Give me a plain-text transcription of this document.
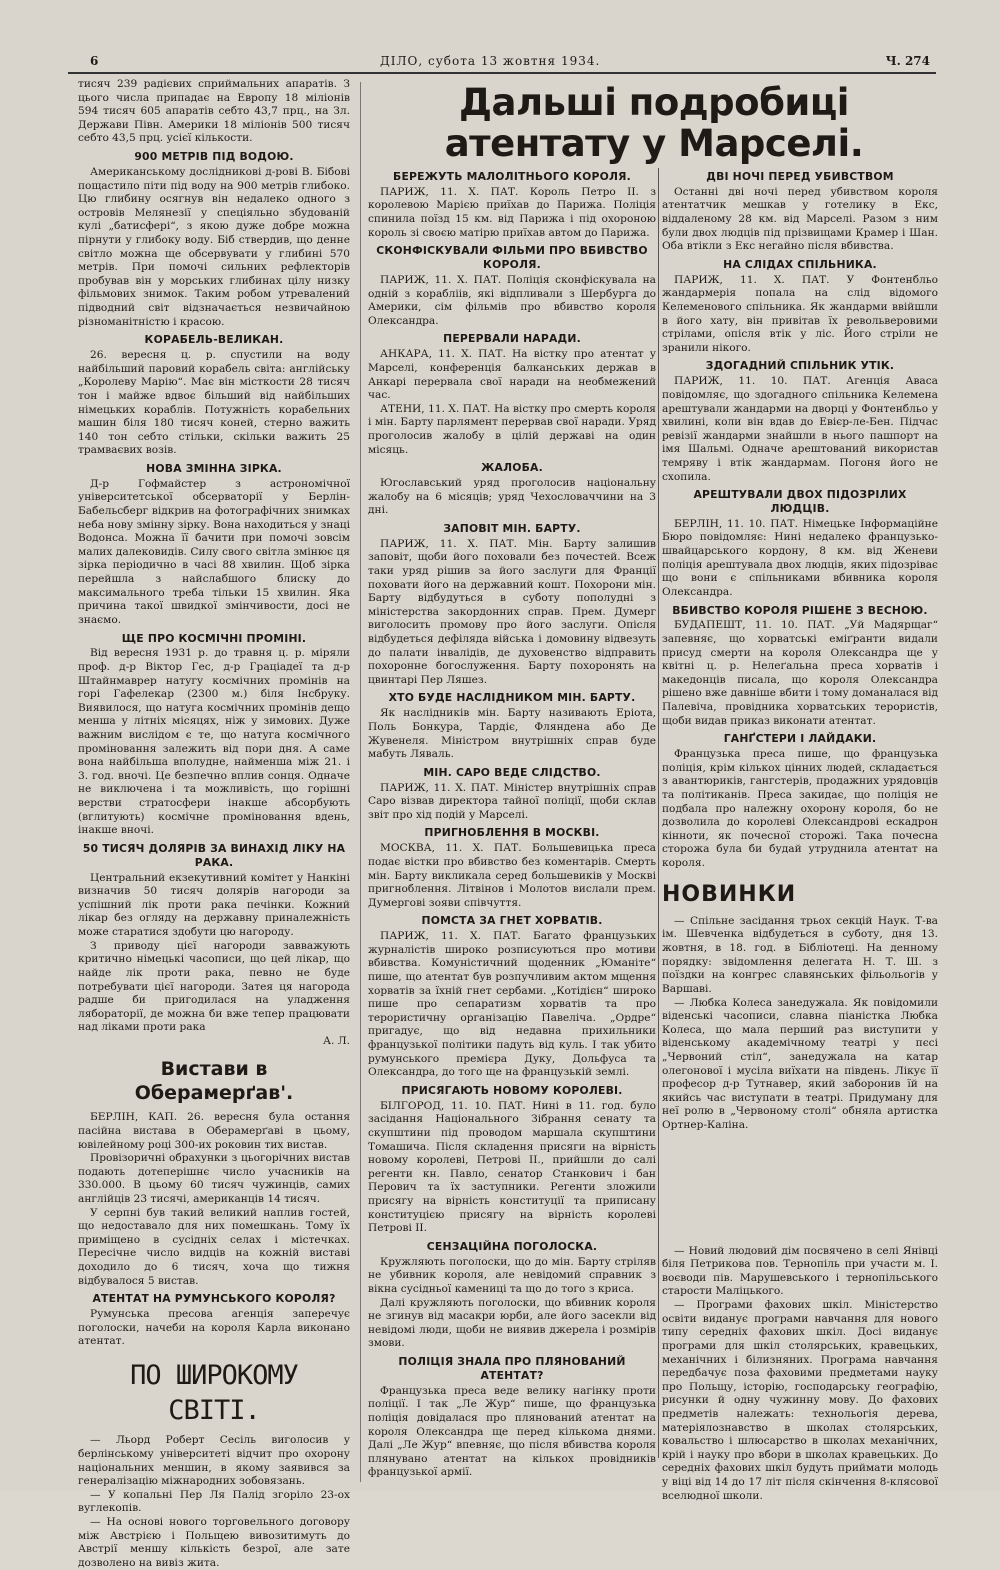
6	ДІЛО, субота 13 жовтня 1934.	Ч. 274

тисяч 239 радієвих сприймальних апаратів. З цього числа припадає на Европу 18 міліонів 594 тисяч 605 апаратів себто 43,7 прц., на Зл. Держави Півн. Америки 18 міліонів 500 тисяч себто 43,5 прц. усієї кількости.

900 МЕТРІВ ПІД ВОДОЮ.

Американському дослідникові д-рові В. Бібові пощастило піти під воду на 900 метрів глибоко. Цю глибину осягнув він недалеко одного з островів Мелянезії у спеціяльно збудованій кулі „батисфері“, з якою дуже добре можна пірнути у глибоку воду. Біб ствердив, що денне світло можна ще обсервувати у глибині 570 метрів. При помочі сильних рефлекторів пробував він у морських глибинах цілу низку фільмових знимок. Таким робом утревалений підводний світ відзначається незвичайною різноманітністю і красою.

КОРАБЕЛЬ-ВЕЛИКАН.

26. вересня ц. р. спустили на воду найбільший паровий корабель світа: англійську „Королеву Марію“. Має він місткости 28 тисяч тон і майже вдвоє більший від найбільших німецьких кораблів. Потужність корабельних машин біля 180 тисяч коней, стерно важить 140 тон себто стільки, скільки важить 25 трамваєвих возів.

НОВА ЗМІННА ЗІРКА.

Д-р Гофмайстер з астрономічної університетської обсерваторії у Берлін-Бабельсберг відкрив на фотографічних знимках неба нову змінну зірку. Вона находиться у знаці Водонса. Можна її бачити при помочі зовсім малих далековидів. Силу свого світла змінює ця зірка періодично в часі 88 хвилин. Щоб зірка перейшла з найслабшого блиску до максимального треба тільки 15 хвилин. Яка причина такої швидкої змінчивости, досі не знаємо.

ЩЕ ПРО КОСМІЧНІ ПРОМІНІ.

Від вересня 1931 р. до травня ц. р. міряли проф. д-р Віктор Гес, д-р Граціадеї та д-р Штайнмаврер натугу космічних промінів на горі Гафелекар (2300 м.) біля Інсбруку. Виявилося, що натуга космічних промінів дещо менша у літніх місяцях, ніж у зимових. Дуже важним вислідом є те, що натуга космічного проміновання залежить від пори дня. А саме вона найбільша вполудне, найменша між 21. і 3. год. вночі. Це безпечно вплив сонця. Одначе не виключена і та можливість, що горішні верстви стратосфери інакше абсорбують (вглитують) космічне проміновання вдень, інакше вночі.

50 ТИСЯЧ ДОЛЯРІВ ЗА ВИНАХІД ЛІКУ НА РАКА.

Центральний екзекутивний комітет у Нанкіні визначив 50 тисяч долярів нагороди за успішний лік проти рака печінки. Кожний лікар без огляду на державну приналежність може старатися здобути цю нагороду.

З приводу цієї нагороди завважують критично німецькі часописи, що цей лікар, що найде лік проти рака, певно не буде потребувати цієї нагороди. Затея ця нагорода радше би пригодилася на уладження лябораторії, де можна би вже тепер працювати над ліками проти рака

А. Л.

Вистави в Оберамерґав'.

БЕРЛІН, КАП. 26. вересня була остання пасійна вистава в Оберамерґаві в цьому, ювілейному році 300-их роковин тих вистав.

Провізоричні обрахунки з цьогорічних вистав подають дотеперішнє число учасників на 330.000. В цьому 60 тисяч чужинців, самих англійців 23 тисячі, американців 14 тисяч.

У серпні був такий великий наплив гостей, що недоставало для них помешкань. Тому їх приміщено в сусідніх селах і містечках. Пересічне число видців на кожній виставі доходило до 6 тисяч, хоча що тижня відбувалося 5 вистав.

АТЕНТАТ НА РУМУНСЬКОГО КОРОЛЯ?

Румунська пресова агенція заперечує поголоски, начеби на короля Карла виконано атентат.

ПО ШИРОКОМУ СВІТІ.

— Льорд Роберт Сесіль виголосив у берлінському університеті відчит про охорону національних меншин, в якому заявився за генералізацію міжнародних зобовязань.

— У копальні Пер Ля Палід згоріло 23-ох вуглекопів.

— На основі нового торговельного договору між Австрією і Польщею вивозитимуть до Австрії меншу кількість безрої, але зате дозволено на вивіз жита.

Дальші подробиці атентату у Марселі.
БЕРЕЖУТЬ МАЛОЛІТНЬОГО КОРОЛЯ.

ПАРИЖ, 11. Х. ПАТ. Король Петро ІІ. з королевою Марією приїхав до Парижа. Поліція спинила поїзд 15 км. від Парижа і під охороною король зі своєю матірю приїхав автом до Парижа.

СКОНФІСКУВАЛИ ФІЛЬМИ ПРО ВБИВСТВО КОРОЛЯ.

ПАРИЖ, 11. Х. ПАТ. Поліція сконфіскувала на одній з корабліів, які відпливали з Шербурга до Америки, сім фільмів про вбивство короля Олександра.

ПЕРЕРВАЛИ НАРАДИ.

АНКАРА, 11. Х. ПАТ. На вістку про атентат у Марселі, конференція балканських держав в Анкарі перервала свої наради на необмежений час.

АТЕНИ, 11. Х. ПАТ. На вістку про смерть короля і мін. Барту парлямент перервав свої наради. Уряд проголосив жалобу в цілій державі на один місяць.

ЖАЛОБА.

Югославський уряд проголосив національну жалобу на 6 місяців; уряд Чехословаччини на 3 дні.

ЗАПОВІТ МІН. БАРТУ.

ПАРИЖ, 11. Х. ПАТ. Мін. Барту залишив заповіт, щоби його поховали без почестей. Всеж таки уряд рішив за його заслуги для Франції поховати його на державний кошт. Похорони мін. Барту відбудуться в суботу пополудні з міністерства закордонних справ. Прем. Думерг виголосить промову про його заслуги. Опісля відбудеться дефіляда війська і домовину відвезуть до палати інвалідів, де духовенство відправить похоронне богослуження. Барту похоронять на цвинтарі Пер Ляшез.

ХТО БУДЕ НАСЛІДНИКОМ МІН. БАРТУ.

Як наслідників мін. Барту називають Еріота, Поль Бонкура, Тардіє, Фляндена або Де Жувенеля. Міністром внутрішніх справ буде мабуть Ляваль.

МІН. САРО ВЕДЕ СЛІДСТВО.

ПАРИЖ, 11. Х. ПАТ. Міністер внутрішніх справ Саро візвав директора тайної поліції, щоби склав звіт про хід подій у Марселі.

ПРИГНОБЛЕННЯ В МОСКВІ.

МОСКВА, 11. Х. ПАТ. Большевицька преса подає вістки про вбивство без коментарів. Смерть мін. Барту викликала серед большевиків у Москві пригноблення. Літвінов і Молотов вислали прем. Думергові зояви співчуття.

ПОМСТА ЗА ГНЕТ ХОРВАТІВ.

ПАРИЖ, 11. Х. ПАТ. Багато французьких журналістів широко розписуються про мотиви вбивства. Комуністичний щоденник „Юманіте“ пише, що атентат був розпучливим актом мщення хорватів за їхній гнет сербами. „Котідієн“ широко пише про сепаратизм хорватів та про терористичну організацію Павеліча. „Ордре“ пригадує, що від недавна прихильники французької політики падуть від куль. І так убито румунського премієра Дуку, Дольфуса та Олександра, до того ще на французькій землі.

ПРИСЯГАЮТЬ НОВОМУ КОРОЛЕВІ.

БІЛГОРОД, 11. 10. ПАТ. Нині в 11. год. було засідання Національного Зібрання сенату та скупштини під проводом маршала скупштини Томашича. Після складення присяги на вірність новому королеві, Петрові ІІ., прийшли до салі регенти кн. Павло, сенатор Станкович і бан Перович та їх заступники. Регенти зложили присягу на вірність конституції та приписану конституцією присягу на вірність королеві Петрові ІІ.

СЕНЗАЦІЙНА ПОГОЛОСКА.

Кружляють поголоски, що до мін. Барту стріляв не убивник короля, але невідомий справник з вікна сусідньої камениці та що до того з криса.

Далі кружляють поголоски, що вбивник короля не згинув від масакри юрби, але його засекли від невідомі люди, щоби не виявив джерела і розмірів змови.

ПОЛІЦІЯ ЗНАЛА ПРО ПЛЯНОВАНИЙ АТЕНТАТ?

Французька преса веде велику нагінку проти поліції. І так „Ле Жур“ пише, що французька поліція довідалася про плянований атентат на короля Олександра ще перед кількома днями. Далі „Ле Жур“ впевняє, що після вбивства короля плянувано атентат на кількох провідників французької армії.

ДВІ НОЧІ ПЕРЕД УБИВСТВОМ

Останні дві ночі перед убивством короля атентатчик мешкав у готелику в Екс, віддаленому 28 км. від Марселі. Разом з ним були двох людців під прізвищами Крамер і Шан. Оба втікли з Екс негайно після вбивства.

НА СЛІДАХ СПІЛЬНИКА.

ПАРИЖ, 11. Х. ПАТ. У Фонтенбльо жандармерія попала на слід відомого Келеменового спільника. Як жандарми ввійшли в його хату, він привітав їх револьверовими стрілами, опісля втік у ліс. Його стріли не зранили нікого.

ЗДОГАДНИЙ СПІЛЬНИК УТІК.

ПАРИЖ, 11. 10. ПАТ. Агенція Аваса повідомляє, що здогадного спільника Келемена арештували жандарми на дворці у Фонтенбльо у хвилині, коли він вдав до Евієр-ле-Бен. Підчас ревізії жандарми знайшли в нього пашпорт на імя Шальмі. Одначе арештований використав темряву і втік жандармам. Погоня його не схопила.

АРЕШТУВАЛИ ДВОХ ПІДОЗРІЛИХ ЛЮДЦІВ.

БЕРЛІН, 11. 10. ПАТ. Німецьке Інформаційне Бюро повідомляє: Нині недалеко французько-швайцарського кордону, 8 км. від Женеви поліція арештувала двох людців, яких підозріває що вони є спільниками вбивника короля Олександра.

ВБИВСТВО КОРОЛЯ РІШЕНЕ З ВЕСНОЮ.

БУДАПЕШТ, 11. 10. ПАТ. „Уй Мадярщаг“ запевняє, що хорватські еміґранти видали присуд смерти на короля Олександра ще у квітні ц. р. Нелеґальна преса хорватів і македонців писала, що короля Олександра рішено вже давніше вбити і тому доманалася від Палевіча, провідника хорватських терористів, щоби видав приказ виконати атентат.

ГАНҐСТЕРИ І ЛАЙДАКИ.

Французька преса пише, що французька поліція, крім кількох цінних людей, складається з авантюриків, гангстерів, продажних урядовців та політиканів. Преса закидає, що поліція не подбала про належну охорону короля, бо не дозволила до королеві Олександрові ескадрон кінноти, як почесної сторожі. Така почесна сторожа була би будай утруднила атентат на короля.

НОВИНКИ

— Спільне засідання трьох секцій Наук. Т-ва ім. Шевченка відбудеться в суботу, дня 13. жовтня, в 18. год. в Бібліотеці. На денному порядку: звідомлення делегата Н. Т. Ш. з поїздки на конгрес славянських фільольогів у Варшаві.

— Любка Колеса занедужала. Як повідомили віденські часописи, славна піаністка Любка Колеса, що мала перший раз виступити у віденському академічному театрі у пєсі „Червоний стіл“, занедужала на катар олегонової і мусіла виїхати на південь. Лікує її професор д-р Тутнавер, який заборонив їй на якийсь час виступати в театрі. Придуману для неї ролю в „Червоному столі“ обняла артистка Ортнер-Каліна.

— Новий людовий дім посвячено в селі Янівці біля Петрикова пов. Тернопіль при участи м. І. воєводи пів. Марушевського і тернопільського старости Маліцького.

— Програми фахових шкіл. Міністерство освіти виданує програми навчання для нового типу середніх фахових шкіл. Досі виданує програми для шкіл столярських, кравецьких, механічних і білизняних. Програма навчання передбачує поза фаховими предметами науку про Польщу, історію, господарську географію, рисунки й одну чужинну мову. До фахових предметів належать: технольогія дерева, матеріялознавство в школах столярських, ковальство і шлюсарство в школах механічних, крій і науку про вбори в школах кравецьких. До середніх фахових шкіл будуть приймати молодь у віці від 14 до 17 літ після скінчення 8-клясової вселюдної школи.
